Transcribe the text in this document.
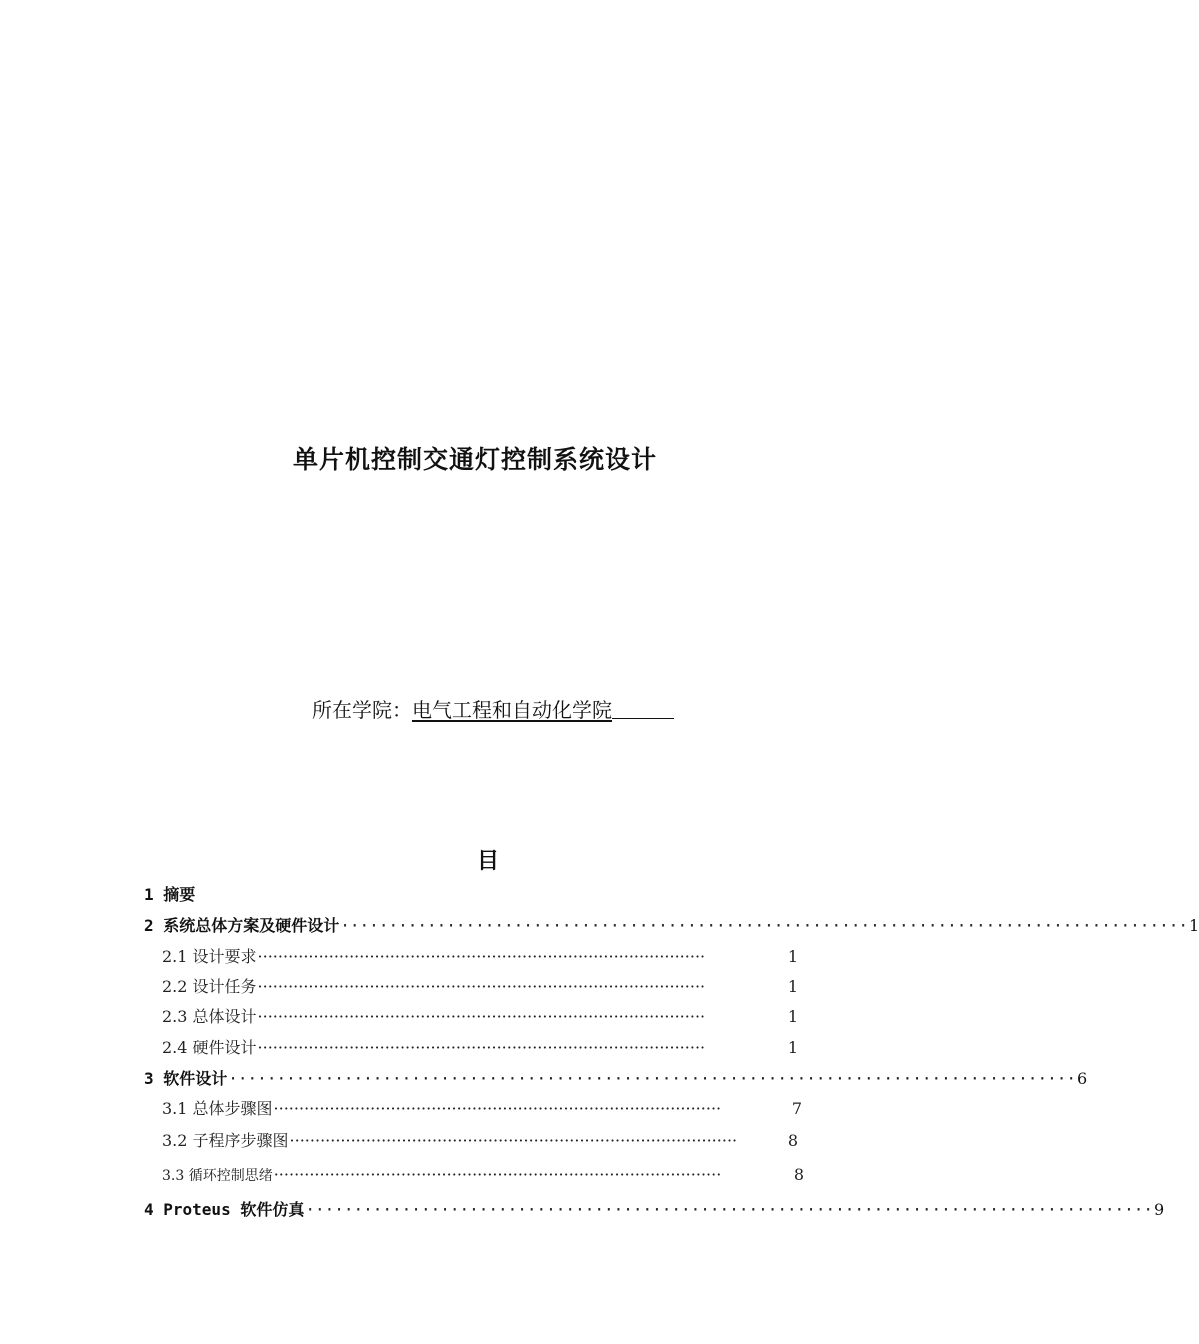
单片机控制交通灯控制系统设计
所在学院：电气工程和自动化学院
目
1 摘要
2 系统总体方案及硬件设计 ························································································ 1
2.1 设计要求 ························································································	1
2.2 设计任务 ························································································	1
2.3 总体设计 ························································································	1
2.4 硬件设计 ························································································	1
3 软件设计 ························································································ 6
3.1 总体步骤图 ························································································	7
3.2 子程序步骤图 ························································································	8
3.3 循环控制思绪 ························································································	8
4 Proteus 软件仿真 ························································································ 9
